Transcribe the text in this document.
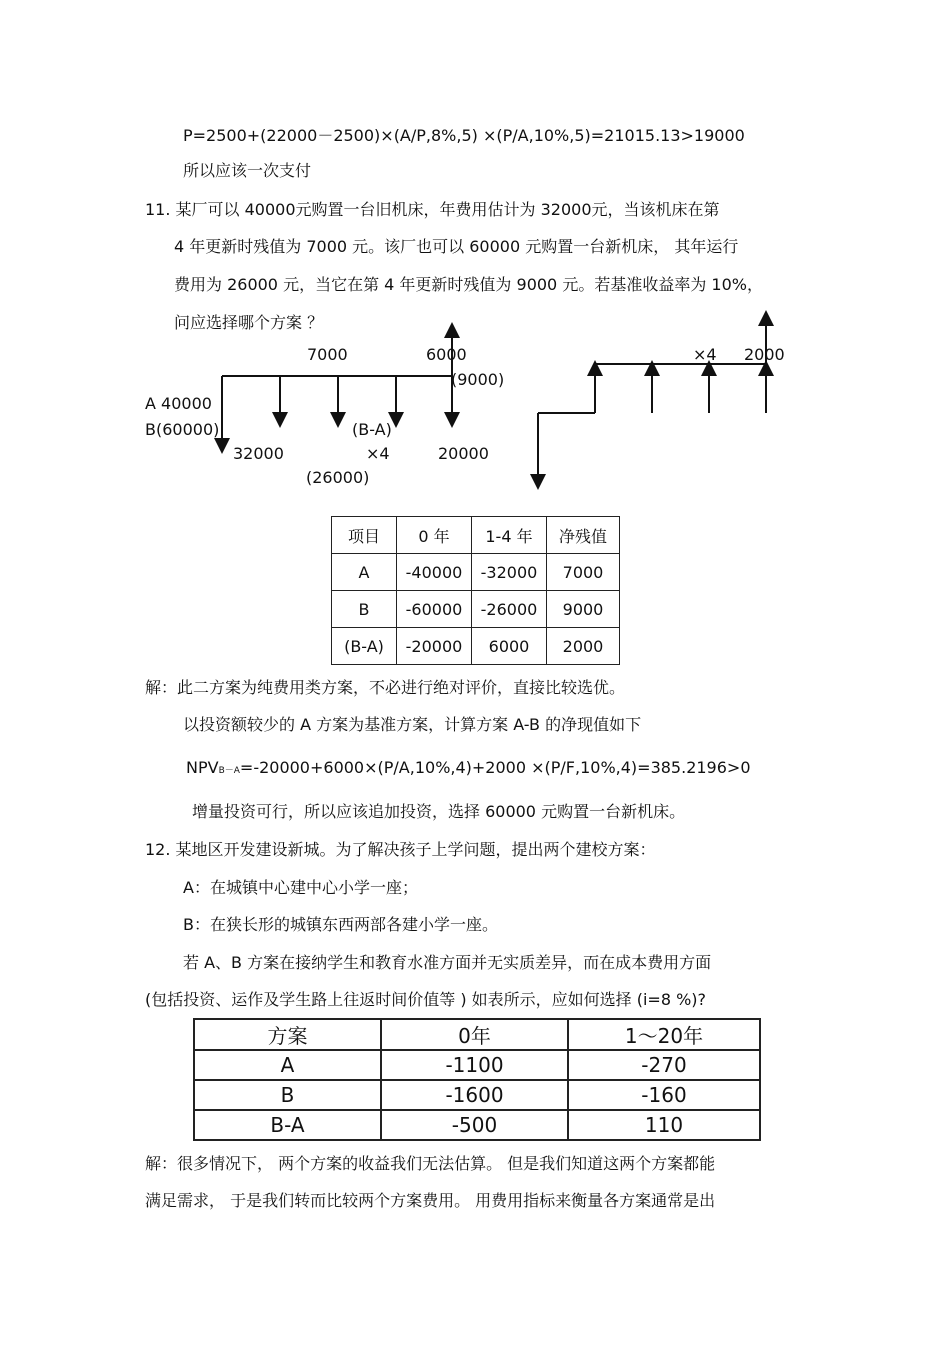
P=2500+(22000－2500)×(A/P,8%,5) ×(P/A,10%,5)=21015.13>19000
所以应该一次支付
11. 某厂可以 40000元购置一台旧机床，年费用估计为 32000元，当该机床在第
4 年更新时残值为 7000 元。该厂也可以 60000 元购置一台新机床， 其年运行
费用为 26000 元，当它在第 4 年更新时残值为 9000 元。若基准收益率为 10%，
问应选择哪个方案 ？
7000	6000
(9000)
A 40000
B(60000)	(B-A)
32000	×4	20000
(26000)
×4 2000
项目	0 年	1-4 年	净残值
A	-40000	-32000	7000
B	-60000	-26000	9000
(B-A)	-20000	6000	2000
解：此二方案为纯费用类方案，不必进行绝对评价，直接比较选优。
以投资额较少的 A 方案为基准方案，计算方案 A-B 的净现值如下
NPVB－A=-20000+6000×(P/A,10%,4)+2000 ×(P/F,10%,4)=385.2196>0
增量投资可行，所以应该追加投资，选择 60000 元购置一台新机床。
12. 某地区开发建设新城。为了解决孩子上学问题，提出两个建校方案：
A：在城镇中心建中心小学一座；
B：在狭长形的城镇东西两部各建小学一座。
若 A、B 方案在接纳学生和教育水准方面并无实质差异，而在成本费用方面
(包括投资、运作及学生路上往返时间价值等 ) 如表所示，应如何选择 (i=8 %)?
方案	0年	1～20年
A	-1100	-270
B	-1600	-160
B-A	-500	110
解：很多情况下， 两个方案的收益我们无法估算。 但是我们知道这两个方案都能
满足需求， 于是我们转而比较两个方案费用。 用费用指标来衡量各方案通常是出
